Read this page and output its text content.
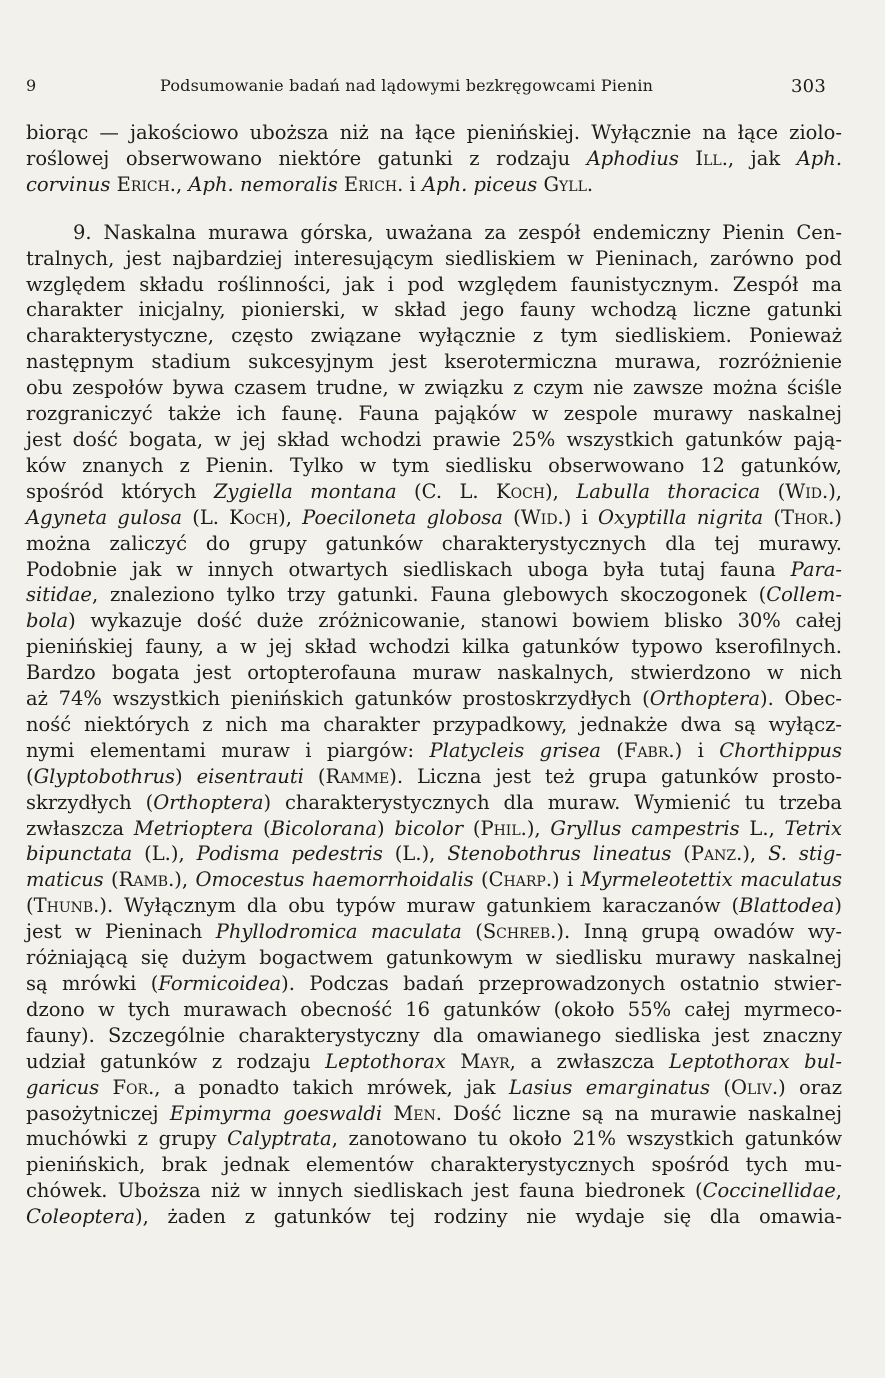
9	Podsumowanie badań nad lądowymi bezkręgowcami Pienin	303
biorąc — jakościowo uboższa niż na łące pienińskiej. Wyłącznie na łące ziolo-
roślowej obserwowano niektóre gatunki z rodzaju Aphodius Ill., jak Aph.
corvinus Erich., Aph. nemoralis Erich. i Aph. piceus Gyll.
9. Naskalna murawa górska, uważana za zespół endemiczny Pienin Cen-
tralnych, jest najbardziej interesującym siedliskiem w Pieninach, zarówno pod
względem składu roślinności, jak i pod względem faunistycznym. Zespół ma
charakter inicjalny, pionierski, w skład jego fauny wchodzą liczne gatunki
charakterystyczne, często związane wyłącznie z tym siedliskiem. Ponieważ
następnym stadium sukcesyjnym jest kserotermiczna murawa, rozróżnienie
obu zespołów bywa czasem trudne, w związku z czym nie zawsze można ściśle
rozgraniczyć także ich faunę. Fauna pająków w zespole murawy naskalnej
jest dość bogata, w jej skład wchodzi prawie 25% wszystkich gatunków pają-
ków znanych z Pienin. Tylko w tym siedlisku obserwowano 12 gatunków,
spośród których Zygiella montana (C. L. Koch), Labulla thoracica (Wid.),
Agyneta gulosa (L. Koch), Poeciloneta globosa (Wid.) i Oxyptilla nigrita (Thor.)
można zaliczyć do grupy gatunków charakterystycznych dla tej murawy.
Podobnie jak w innych otwartych siedliskach uboga była tutaj fauna Para-
sitidae, znaleziono tylko trzy gatunki. Fauna glebowych skoczogonek (Collem-
bola) wykazuje dość duże zróżnicowanie, stanowi bowiem blisko 30% całej
pienińskiej fauny, a w jej skład wchodzi kilka gatunków typowo kserofilnych.
Bardzo bogata jest ortopterofauna muraw naskalnych, stwierdzono w nich
aż 74% wszystkich pienińskich gatunków prostoskrzydłych (Orthoptera). Obec-
ność niektórych z nich ma charakter przypadkowy, jednakże dwa są wyłącz-
nymi elementami muraw i piargów: Platycleis grisea (Fabr.) i Chorthippus
(Glyptobothrus) eisentrauti (Ramme). Liczna jest też grupa gatunków prosto-
skrzydłych (Orthoptera) charakterystycznych dla muraw. Wymienić tu trzeba
zwłaszcza Metrioptera (Bicolorana) bicolor (Phil.), Gryllus campestris L., Tetrix
bipunctata (L.), Podisma pedestris (L.), Stenobothrus lineatus (Panz.), S. stig-
maticus (Ramb.), Omocestus haemorrhoidalis (Charp.) i Myrmeleotettix maculatus
(Thunb.). Wyłącznym dla obu typów muraw gatunkiem karaczanów (Blattodea)
jest w Pieninach Phyllodromica maculata (Schreb.). Inną grupą owadów wy-
różniającą się dużym bogactwem gatunkowym w siedlisku murawy naskalnej
są mrówki (Formicoidea). Podczas badań przeprowadzonych ostatnio stwier-
dzono w tych murawach obecność 16 gatunków (około 55% całej myrmeco-
fauny). Szczególnie charakterystyczny dla omawianego siedliska jest znaczny
udział gatunków z rodzaju Leptothorax Mayr, a zwłaszcza Leptothorax bul-
garicus For., a ponadto takich mrówek, jak Lasius emarginatus (Oliv.) oraz
pasożytniczej Epimyrma goeswaldi Men. Dość liczne są na murawie naskalnej
muchówki z grupy Calyptrata, zanotowano tu około 21% wszystkich gatunków
pienińskich, brak jednak elementów charakterystycznych spośród tych mu-
chówek. Uboższa niż w innych siedliskach jest fauna biedronek (Coccinellidae,
Coleoptera), żaden z gatunków tej rodziny nie wydaje się dla omawia-
